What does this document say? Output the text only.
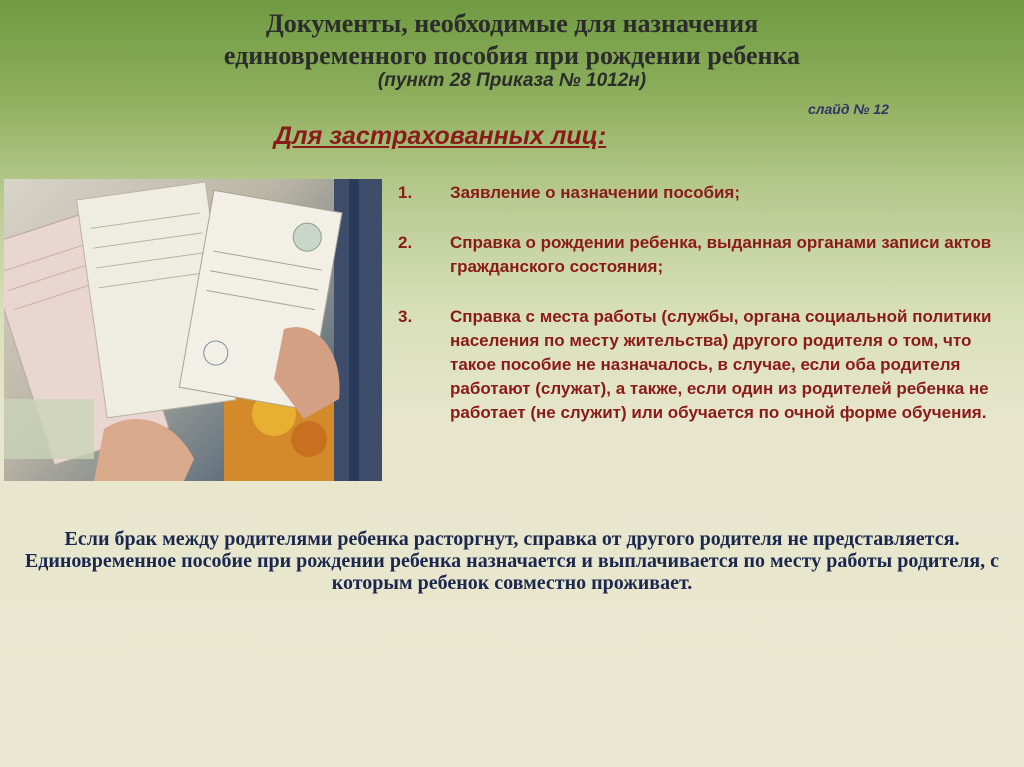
Документы, необходимые для назначения
единовременного пособия при рождении ребенка
(пункт 28 Приказа № 1012н)
слайд № 12
Для застрахованных лиц:
1. Заявление о назначении пособия;
2. Справка о рождении ребенка, выданная органами записи актов гражданского состояния;
3. Справка с места работы (службы, органа социальной политики населения по месту жительства) другого родителя о том, что такое пособие не назначалось, в случае, если оба родителя работают (служат), а также, если один из родителей ребенка не работает (не служит) или обучается по очной форме обучения.
Если брак между родителями ребенка расторгнут, справка от другого родителя не представляется. Единовременное пособие при рождении ребенка назначается и выплачивается по месту работы родителя, с которым ребенок совместно проживает.
